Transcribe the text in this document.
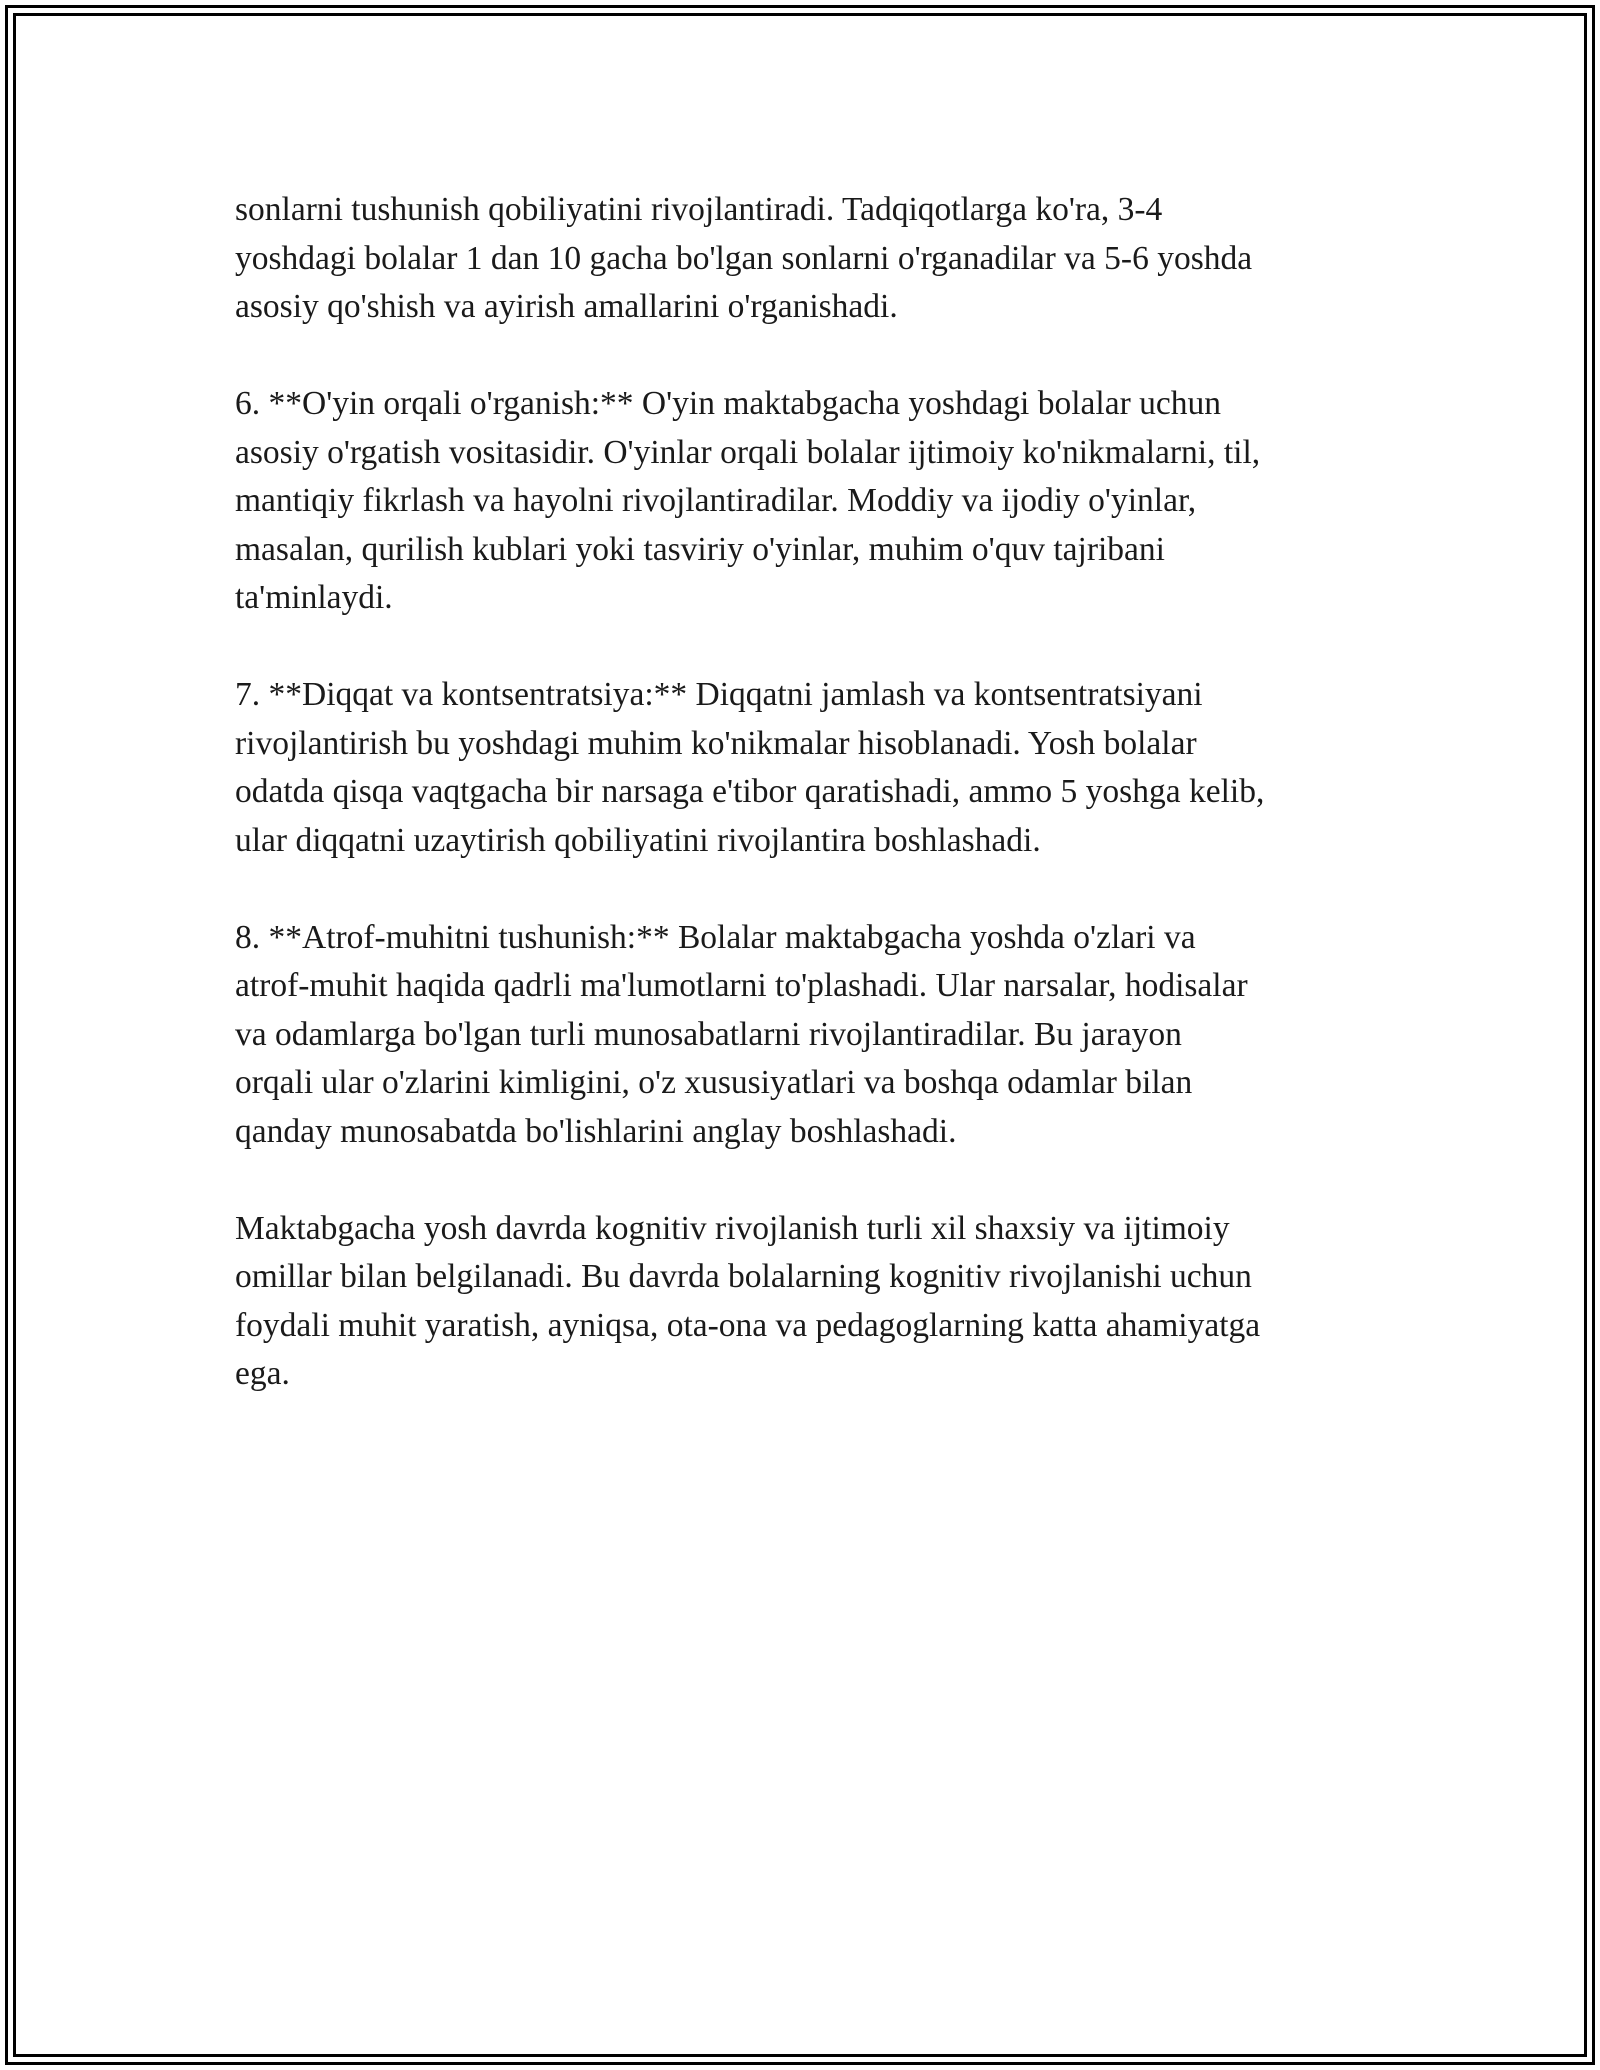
sonlarni tushunish qobiliyatini rivojlantiradi. Tadqiqotlarga ko'ra, 3-4
yoshdagi bolalar 1 dan 10 gacha bo'lgan sonlarni o'rganadilar va 5-6 yoshda
asosiy qo'shish va ayirish amallarini o'rganishadi.

6. **O'yin orqali o'rganish:** O'yin maktabgacha yoshdagi bolalar uchun
asosiy o'rgatish vositasidir. O'yinlar orqali bolalar ijtimoiy ko'nikmalarni, til,
mantiqiy fikrlash va hayolni rivojlantiradilar. Moddiy va ijodiy o'yinlar,
masalan, qurilish kublari yoki tasviriy o'yinlar, muhim o'quv tajribani
ta'minlaydi.

7. **Diqqat va kontsentratsiya:** Diqqatni jamlash va kontsentratsiyani
rivojlantirish bu yoshdagi muhim ko'nikmalar hisoblanadi. Yosh bolalar
odatda qisqa vaqtgacha bir narsaga e'tibor qaratishadi, ammo 5 yoshga kelib,
ular diqqatni uzaytirish qobiliyatini rivojlantira boshlashadi.

8. **Atrof-muhitni tushunish:** Bolalar maktabgacha yoshda o'zlari va
atrof-muhit haqida qadrli ma'lumotlarni to'plashadi. Ular narsalar, hodisalar
va odamlarga bo'lgan turli munosabatlarni rivojlantiradilar. Bu jarayon
orqali ular o'zlarini kimligini, o'z xususiyatlari va boshqa odamlar bilan
qanday munosabatda bo'lishlarini anglay boshlashadi.

Maktabgacha yosh davrda kognitiv rivojlanish turli xil shaxsiy va ijtimoiy
omillar bilan belgilanadi. Bu davrda bolalarning kognitiv rivojlanishi uchun
foydali muhit yaratish, ayniqsa, ota-ona va pedagoglarning katta ahamiyatga
ega.
